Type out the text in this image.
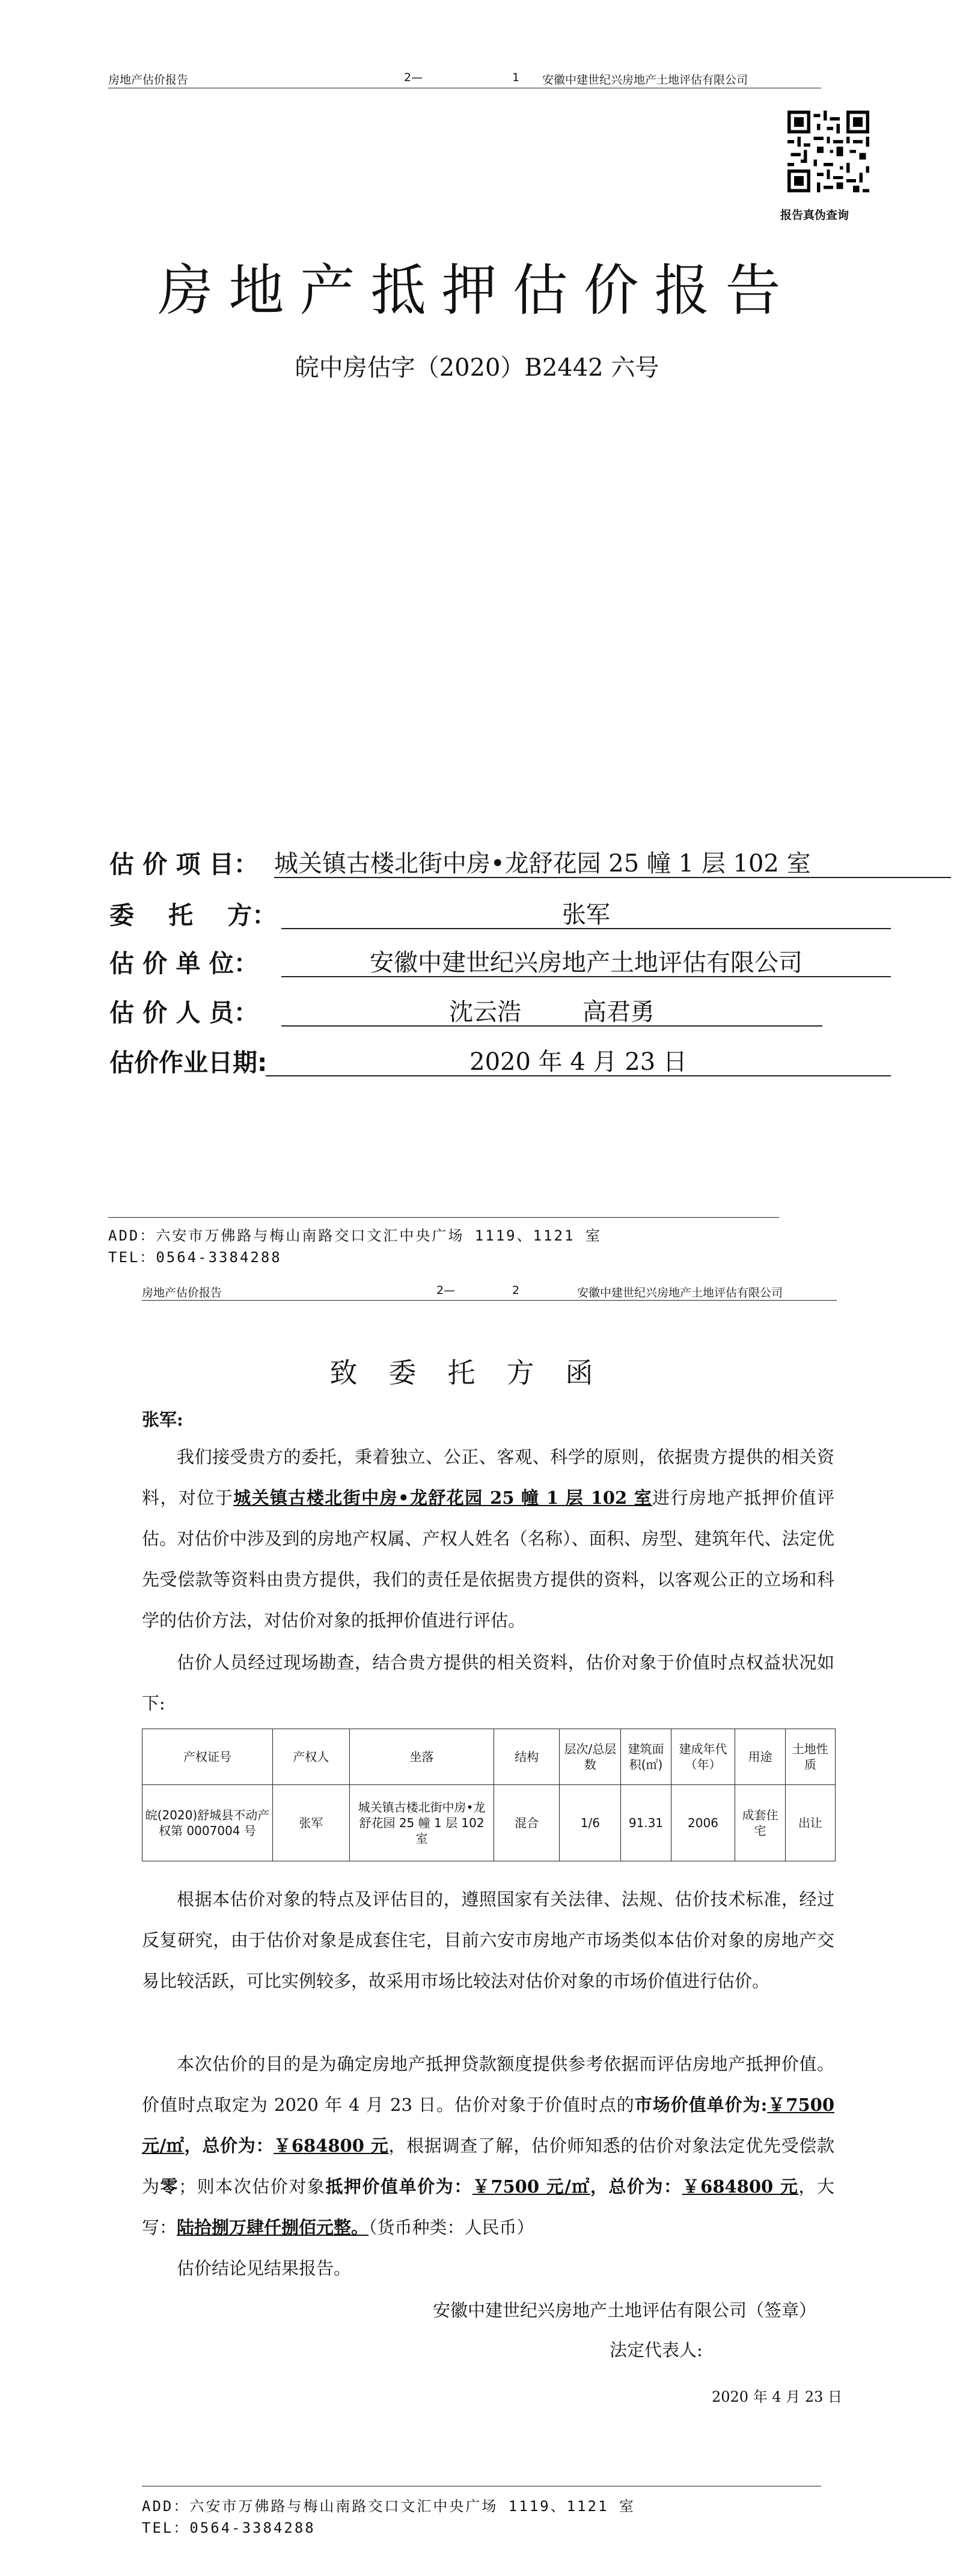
房地产估价报告	2—	1 安徽中建世纪兴房地产土地评估有限公司
报告真伪查询
房地产抵押估价报告
皖中房估字（2020）B2442 六号
估 价 项 目： 城关镇古楼北街中房•龙舒花园 25 幢 1 层 102 室
委    托    方：	张军
估 价 单 位：	安徽中建世纪兴房地产土地评估有限公司
估 价 人 员：	沈云浩        高君勇
估价作业日期:	2020 年 4 月 23 日
ADD：六安市万佛路与梅山南路交口文汇中央广场 1119、1121 室
TEL：0564-3384288
房地产估价报告	2—	2	安徽中建世纪兴房地产土地评估有限公司
致委托方函
张军:
我们接受贵方的委托，秉着独立、公正、客观、科学的原则，依据贵方提供的相关资料，对位于城关镇古楼北街中房•龙舒花园 25 幢 1 层 102 室进行房地产抵押价值评估。对估价中涉及到的房地产权属、产权人姓名（名称）、面积、房型、建筑年代、法定优先受偿款等资料由贵方提供，我们的责任是依据贵方提供的资料，以客观公正的立场和科学的估价方法，对估价对象的抵押价值进行评估。
估价人员经过现场勘查，结合贵方提供的相关资料，估价对象于价值时点权益状况如下:
产权证号	产权人	坐落	结构	层次/总层数	建筑面积(㎡)	建成年代（年）	用途	土地性质
皖(2020)舒城县不动产权第 0007004 号	张军	城关镇古楼北街中房•龙舒花园 25 幢 1 层 102 室	混合	1/6	91.31	2006	成套住宅	出让
根据本估价对象的特点及评估目的，遵照国家有关法律、法规、估价技术标准，经过反复研究，由于估价对象是成套住宅，目前六安市房地产市场类似本估价对象的房地产交易比较活跃，可比实例较多，故采用市场比较法对估价对象的市场价值进行估价。
本次估价的目的是为确定房地产抵押贷款额度提供参考依据而评估房地产抵押价值。价值时点取定为 2020 年 4 月 23 日。估价对象于价值时点的市场价值单价为:￥7500 元/㎡，总价为：￥684800 元，根据调查了解，估价师知悉的估价对象法定优先受偿款为零；则本次估价对象抵押价值单价为：￥7500 元/㎡，总价为：￥684800 元，大写：陆拾捌万肆仟捌佰元整。（货币种类：人民币）
估价结论见结果报告。
安徽中建世纪兴房地产土地评估有限公司（签章）
法定代表人:
2020 年 4 月 23 日
ADD：六安市万佛路与梅山南路交口文汇中央广场 1119、1121 室
TEL：0564-3384288
